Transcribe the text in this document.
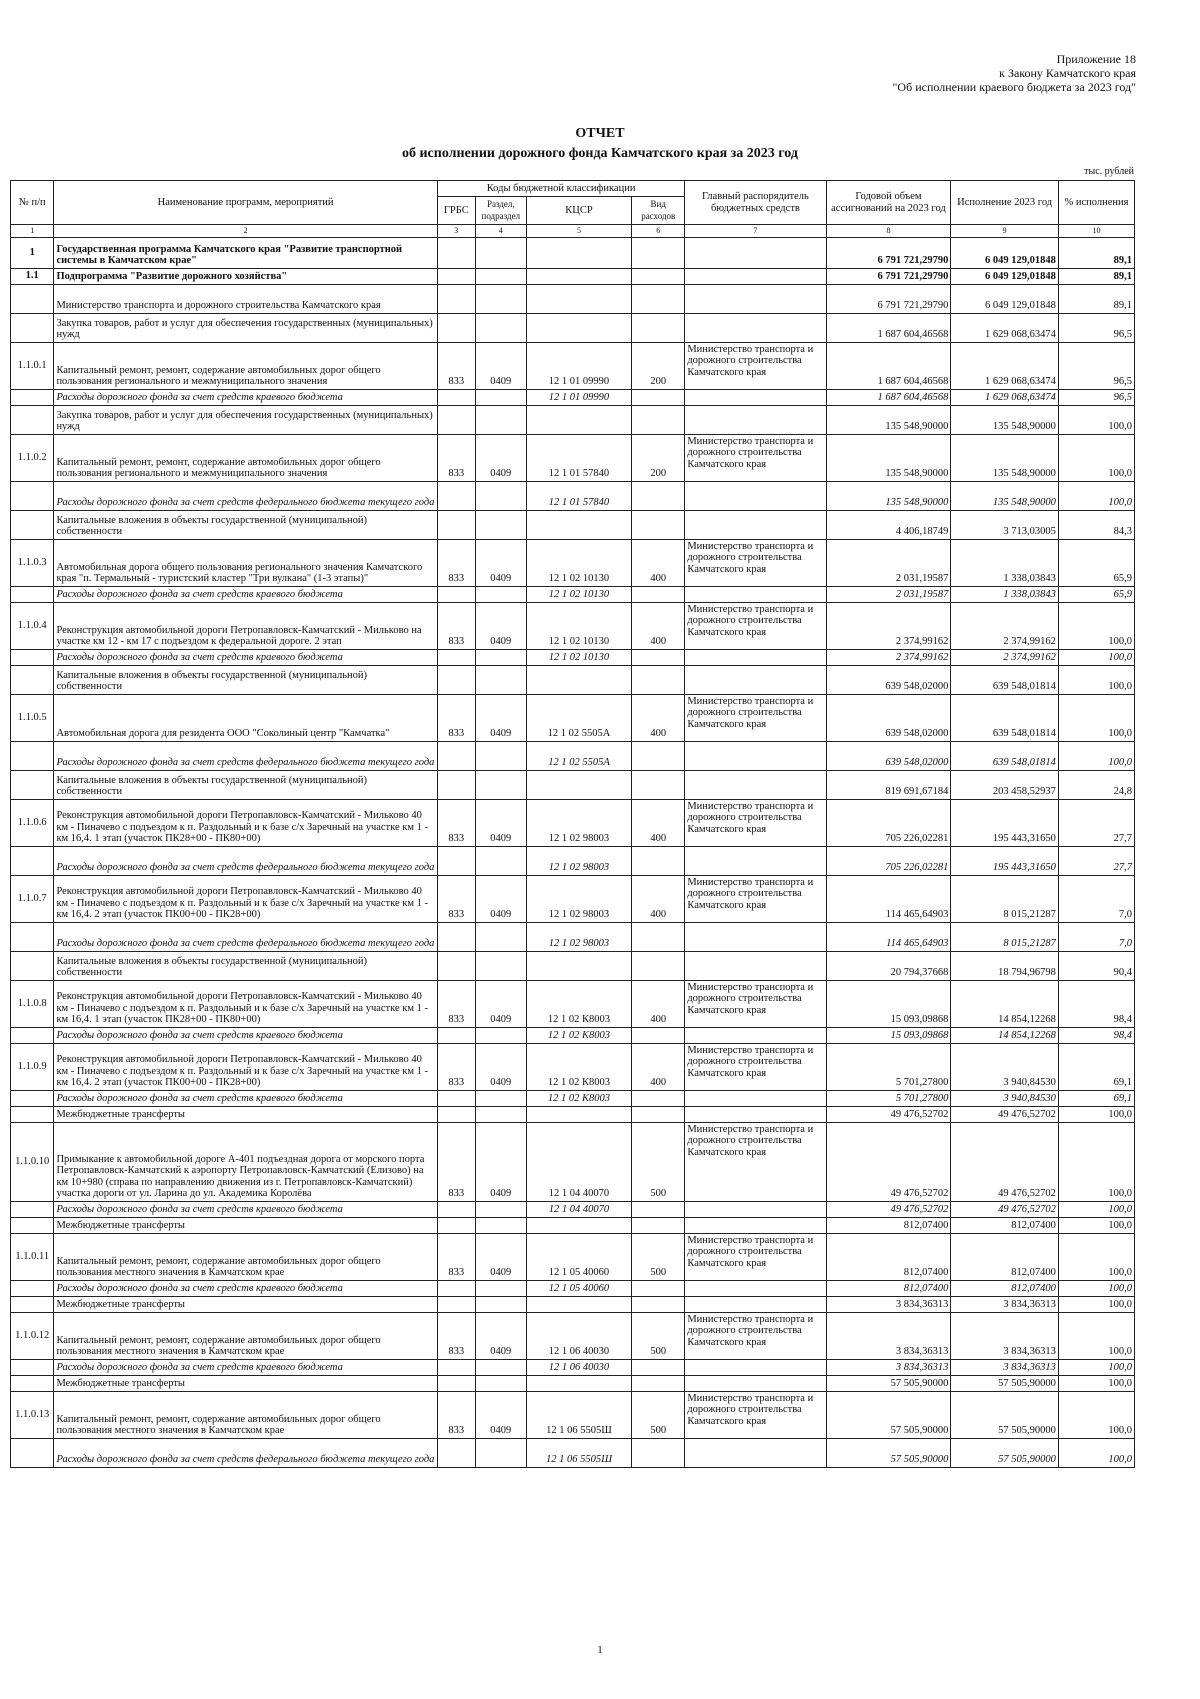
Приложение 18
к Закону Камчатского края
"Об исполнении краевого бюджета за 2023 год"
ОТЧЕТ
об исполнении дорожного фонда Камчатского края за 2023 год
тыс. рублей
№ п/п	Наименование программ, мероприятий	Коды бюджетной классификации				Главный распорядитель бюджетных средств	Годовой объем ассигнований на 2023 год	Исполнение 2023 год	% исполнения
		ГРБС	Раздел, подраздел	КЦСР	Вид расходов				
1	2	3	4	5	6	7	8	9	10
1	Государственная программа Камчатского края "Развитие транспортной системы в Камчатском крае"						6 791 721,29790	6 049 129,01848	89,1
1.1	Подпрограмма "Развитие дорожного хозяйства"						6 791 721,29790	6 049 129,01848	89,1
	Министерство транспорта и дорожного строительства Камчатского края						6 791 721,29790	6 049 129,01848	89,1
	Закупка товаров, работ и услуг для обеспечения государственных (муниципальных) нужд						1 687 604,46568	1 629 068,63474	96,5
1.1.0.1	Капитальный ремонт, ремонт, содержание автомобильных дорог общего пользования регионального и межмуниципального значения	833	0409	12 1 01 09990	200	Министерство транспорта и дорожного строительства Камчатского края	1 687 604,46568	1 629 068,63474	96,5
	Расходы дорожного фонда за счет средств краевого бюджета			12 1 01 09990			1 687 604,46568	1 629 068,63474	96,5
	Закупка товаров, работ и услуг для обеспечения государственных (муниципальных) нужд						135 548,90000	135 548,90000	100,0
1.1.0.2	Капитальный ремонт, ремонт, содержание автомобильных дорог общего пользования регионального и межмуниципального значения	833	0409	12 1 01 57840	200	Министерство транспорта и дорожного строительства Камчатского края	135 548,90000	135 548,90000	100,0
	Расходы дорожного фонда за счет средств федерального бюджета текущего года			12 1 01 57840			135 548,90000	135 548,90000	100,0
	Капитальные вложения в объекты государственной (муниципальной) собственности						4 406,18749	3 713,03005	84,3
1.1.0.3	Автомобильная дорога общего пользования регионального значения Камчатского края "п. Термальный - туристский кластер "Три вулкана" (1-3 этапы)"	833	0409	12 1 02 10130	400	Министерство транспорта и дорожного строительства Камчатского края	2 031,19587	1 338,03843	65,9
	Расходы дорожного фонда за счет средств краевого бюджета			12 1 02 10130			2 031,19587	1 338,03843	65,9
1.1.0.4	Реконструкция автомобильной дороги Петропавловск-Камчатский - Мильково на участке км 12 - км 17 с подъездом к федеральной дороге. 2 этап	833	0409	12 1 02 10130	400	Министерство транспорта и дорожного строительства Камчатского края	2 374,99162	2 374,99162	100,0
	Расходы дорожного фонда за счет средств краевого бюджета			12 1 02 10130			2 374,99162	2 374,99162	100,0
	Капитальные вложения в объекты государственной (муниципальной) собственности						639 548,02000	639 548,01814	100,0
1.1.0.5	Автомобильная дорога для резидента ООО "Соколиный центр "Камчатка"	833	0409	12 1 02 5505А	400	Министерство транспорта и дорожного строительства Камчатского края	639 548,02000	639 548,01814	100,0
	Расходы дорожного фонда за счет средств федерального бюджета текущего года			12 1 02 5505А			639 548,02000	639 548,01814	100,0
	Капитальные вложения в объекты государственной (муниципальной) собственности						819 691,67184	203 458,52937	24,8
1.1.0.6	Реконструкция автомобильной дороги Петропавловск-Камчатский - Мильково 40 км - Пиначево с подъездом к п. Раздольный и к базе с/х Заречный на участке км 1 - км 16,4. 1 этап (участок ПК28+00 - ПК80+00)	833	0409	12 1 02 98003	400	Министерство транспорта и дорожного строительства Камчатского края	705 226,02281	195 443,31650	27,7
	Расходы дорожного фонда за счет средств федерального бюджета текущего года			12 1 02 98003			705 226,02281	195 443,31650	27,7
1.1.0.7	Реконструкция автомобильной дороги Петропавловск-Камчатский - Мильково 40 км - Пиначево с подъездом к п. Раздольный и к базе с/х Заречный на участке км 1 - км 16,4. 2 этап (участок ПК00+00 - ПК28+00)	833	0409	12 1 02 98003	400	Министерство транспорта и дорожного строительства Камчатского края	114 465,64903	8 015,21287	7,0
	Расходы дорожного фонда за счет средств федерального бюджета текущего года			12 1 02 98003			114 465,64903	8 015,21287	7,0
	Капитальные вложения в объекты государственной (муниципальной) собственности						20 794,37668	18 794,96798	90,4
1.1.0.8	Реконструкция автомобильной дороги Петропавловск-Камчатский - Мильково 40 км - Пиначево с подъездом к п. Раздольный и к базе с/х Заречный на участке км 1 - км 16,4. 1 этап (участок ПК28+00 - ПК80+00)	833	0409	12 1 02 К8003	400	Министерство транспорта и дорожного строительства Камчатского края	15 093,09868	14 854,12268	98,4
	Расходы дорожного фонда за счет средств краевого бюджета			12 1 02 К8003			15 093,09868	14 854,12268	98,4
1.1.0.9	Реконструкция автомобильной дороги Петропавловск-Камчатский - Мильково 40 км - Пиначево с подъездом к п. Раздольный и к базе с/х Заречный на участке км 1 - км 16,4. 2 этап (участок ПК00+00 - ПК28+00)	833	0409	12 1 02 К8003	400	Министерство транспорта и дорожного строительства Камчатского края	5 701,27800	3 940,84530	69,1
	Расходы дорожного фонда за счет средств краевого бюджета			12 1 02 К8003			5 701,27800	3 940,84530	69,1
	Межбюджетные трансферты						49 476,52702	49 476,52702	100,0
1.1.0.10	Примыкание к автомобильной дороге А-401 подъездная дорога от морского порта Петропавловск-Камчатский к аэропорту Петропавловск-Камчатский (Елизово) на км 10+980 (справа по направлению движения из г. Петропавловск-Камчатский) участка дороги от ул. Ларина до ул. Академика Королёва	833	0409	12 1 04 40070	500	Министерство транспорта и дорожного строительства Камчатского края	49 476,52702	49 476,52702	100,0
	Расходы дорожного фонда за счет средств краевого бюджета			12 1 04 40070			49 476,52702	49 476,52702	100,0
	Межбюджетные трансферты						812,07400	812,07400	100,0
1.1.0.11	Капитальный ремонт, ремонт, содержание автомобильных дорог общего пользования местного значения в Камчатском крае	833	0409	12 1 05 40060	500	Министерство транспорта и дорожного строительства Камчатского края	812,07400	812,07400	100,0
	Расходы дорожного фонда за счет средств краевого бюджета			12 1 05 40060			812,07400	812,07400	100,0
	Межбюджетные трансферты						3 834,36313	3 834,36313	100,0
1.1.0.12	Капитальный ремонт, ремонт, содержание автомобильных дорог общего пользования местного значения в Камчатском крае	833	0409	12 1 06 40030	500	Министерство транспорта и дорожного строительства Камчатского края	3 834,36313	3 834,36313	100,0
	Расходы дорожного фонда за счет средств краевого бюджета			12 1 06 40030			3 834,36313	3 834,36313	100,0
	Межбюджетные трансферты						57 505,90000	57 505,90000	100,0
1.1.0.13	Капитальный ремонт, ремонт, содержание автомобильных дорог общего пользования местного значения в Камчатском крае	833	0409	12 1 06 5505Ш	500	Министерство транспорта и дорожного строительства Камчатского края	57 505,90000	57 505,90000	100,0
	Расходы дорожного фонда за счет средств федерального бюджета текущего года			12 1 06 5505Ш			57 505,90000	57 505,90000	100,0
1
